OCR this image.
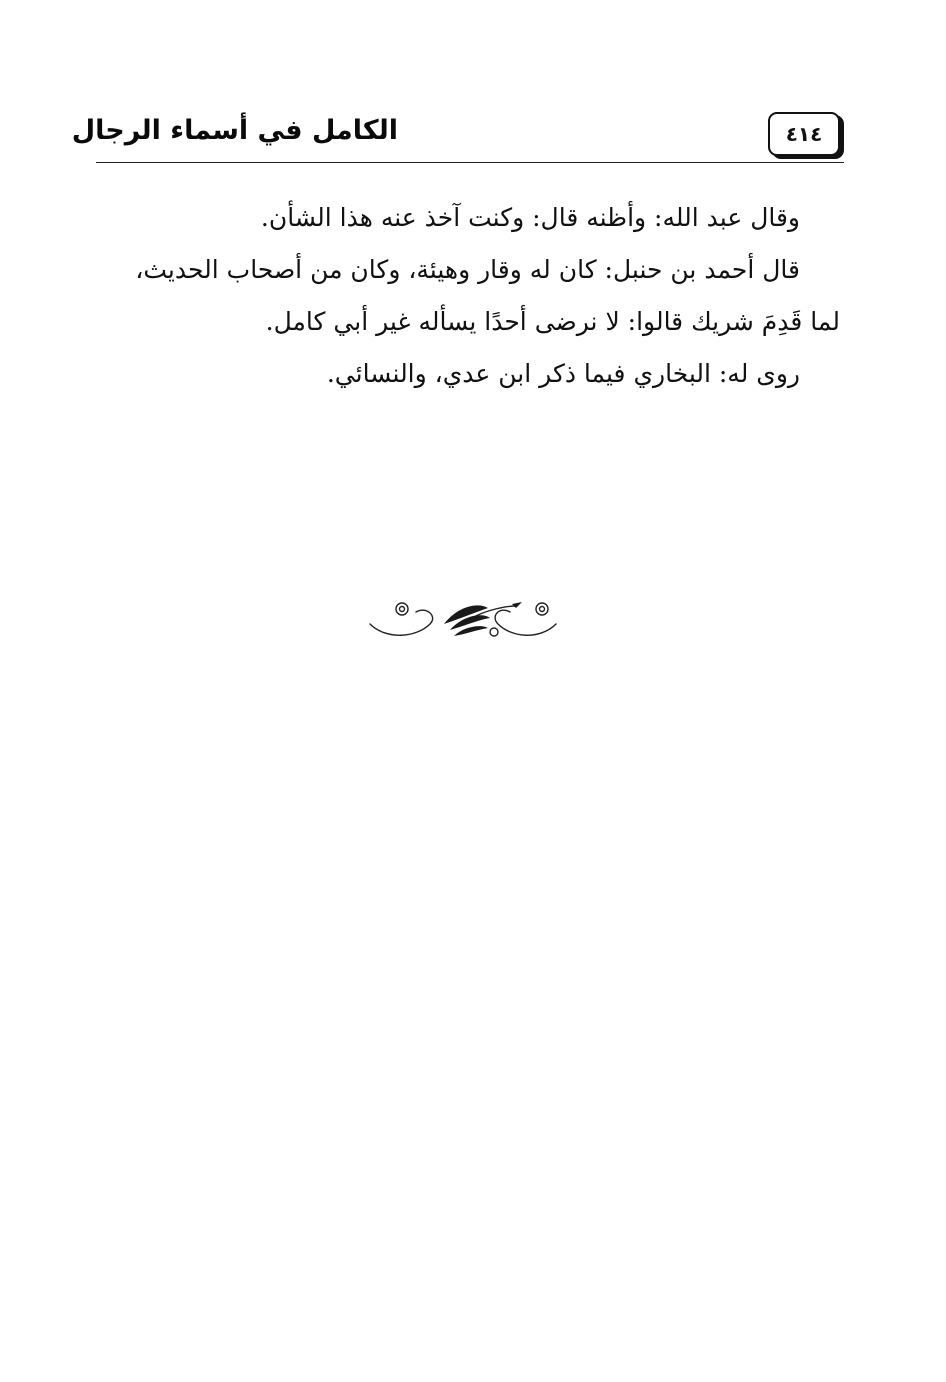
الكامل في أسماء الرجال	٤١٤
وقال عبد الله: وأظنه قال: وكنت آخذ عنه هذا الشأن.
قال أحمد بن حنبل: كان له وقار وهيئة، وكان من أصحاب الحديث،
لما قَدِمَ شريك قالوا: لا نرضى أحدًا يسأله غير أبي كامل.
روى له: البخاري فيما ذكر ابن عدي، والنسائي.
